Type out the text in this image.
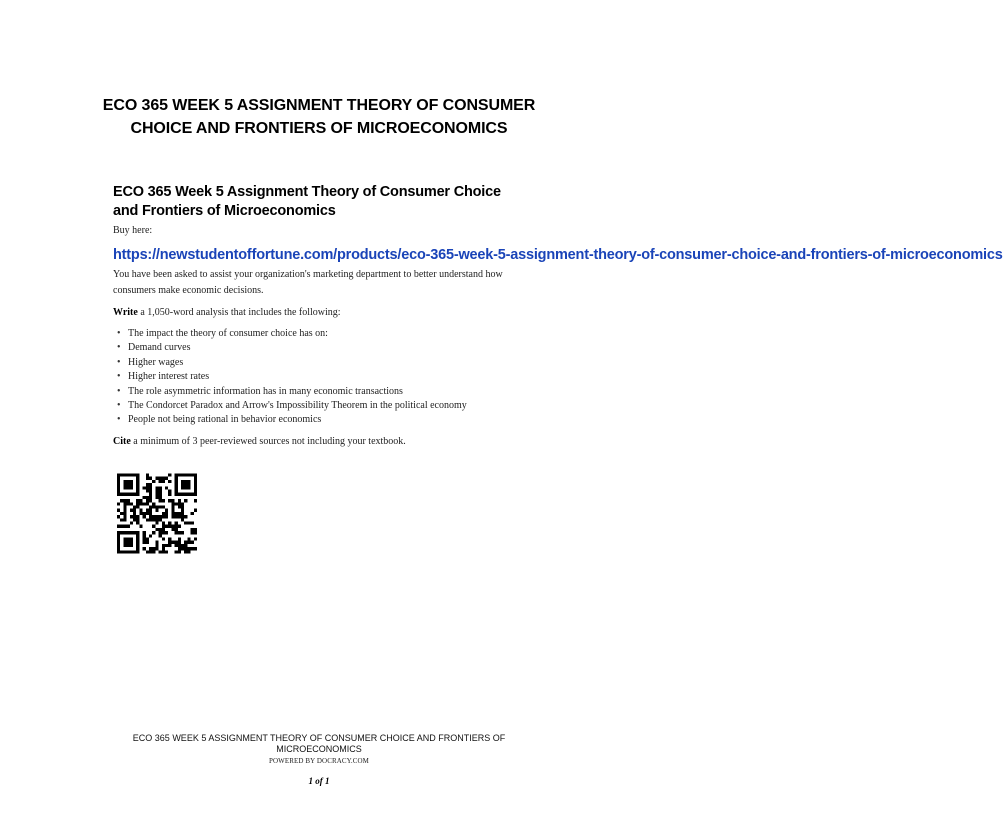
ECO 365 WEEK 5 ASSIGNMENT THEORY OF CONSUMER CHOICE AND FRONTIERS OF MICROECONOMICS
ECO 365 Week 5 Assignment Theory of Consumer Choice and Frontiers of Microeconomics
Buy here:
https://newstudentoffortune.com/products/eco-365-week-5-assignment-theory-of-consumer-choice-and-frontiers-of-microeconomics

You have been asked to assist your organization's marketing department to better understand how consumers make economic decisions.

Write a 1,050-word analysis that includes the following:

• The impact the theory of consumer choice has on:
• Demand curves
• Higher wages
• Higher interest rates
• The role asymmetric information has in many economic transactions
• The Condorcet Paradox and Arrow's Impossibility Theorem in the political economy
• People not being rational in behavior economics

Cite a minimum of 3 peer-reviewed sources not including your textbook.

ECO 365 WEEK 5 ASSIGNMENT THEORY OF CONSUMER CHOICE AND FRONTIERS OF MICROECONOMICS
POWERED BY DOCRACY.COM
1 of 1
